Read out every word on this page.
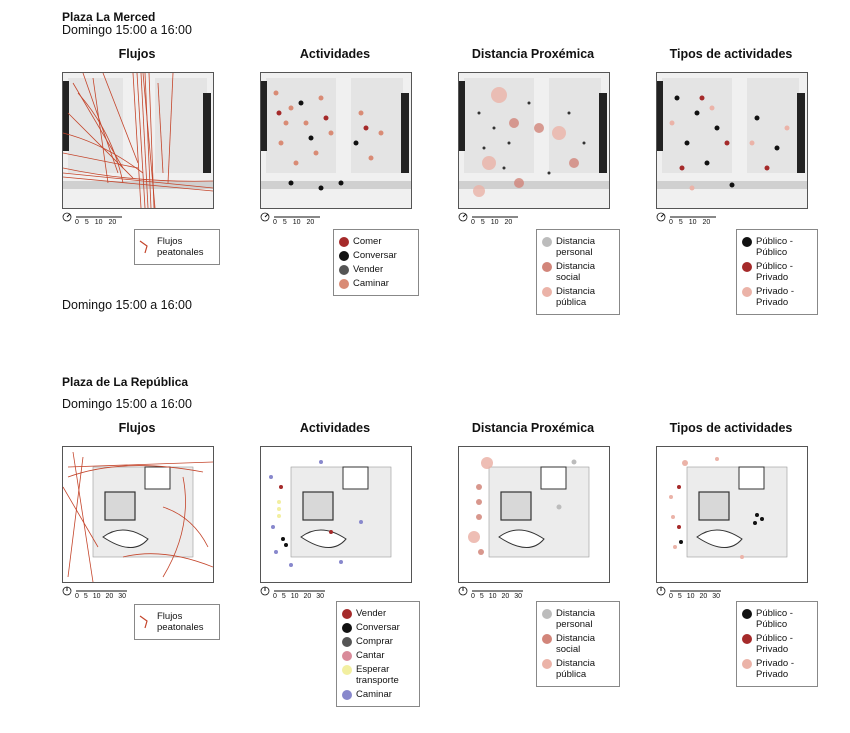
Plaza La Merced
Domingo 15:00 a 16:00
Flujos	Actividades	Distancia Proxémica	Tipos de actividades
0 5 10 20	0 5 10 20	0 5 10 20	0 5 10 20
Flujos
peatonales
Comer
Conversar
Vender
Caminar
Distancia
personal
Distancia
social
Distancia
pública
Público -
Público
Público -
Privado
Privado -
Privado
Domingo 15:00 a 16:00
Plaza de La República
Domingo 15:00 a 16:00
Flujos	Actividades	Distancia Proxémica	Tipos de actividades
0 5 10 20 30	0 5 10 20 30	0 5 10 20 30	0 5 10 20 30
Flujos
peatonales
Vender
Conversar
Comprar
Cantar
Esperar
transporte
Caminar
Distancia
personal
Distancia
social
Distancia
pública
Público -
Público
Público -
Privado
Privado -
Privado
